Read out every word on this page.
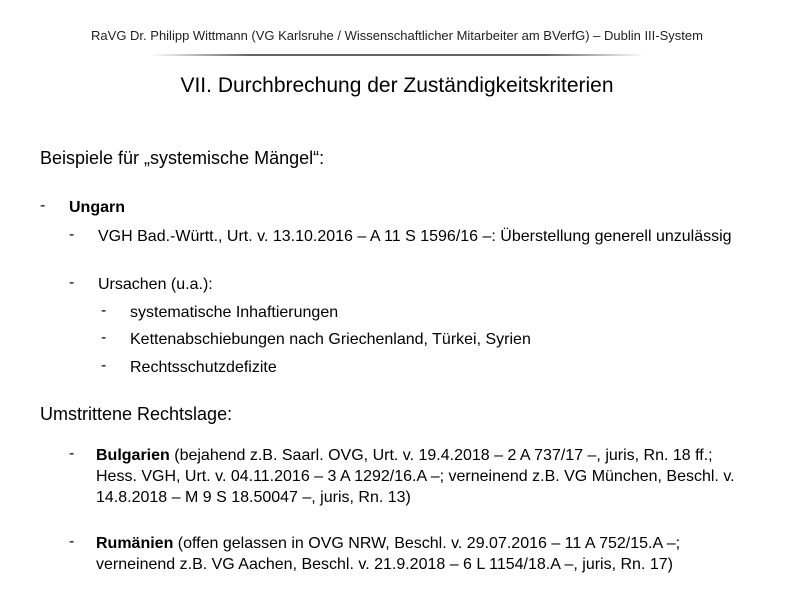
RaVG Dr. Philipp Wittmann (VG Karlsruhe / Wissenschaftlicher Mitarbeiter am BVerfG) – Dublin III-System
VII. Durchbrechung der Zuständigkeitskriterien
Beispiele für „systemische Mängel“:
- Ungarn
- VGH Bad.-Württ., Urt. v. 13.10.2016 – A 11 S 1596/16 –: Überstellung generell unzulässig
- Ursachen (u.a.):
- systematische Inhaftierungen
- Kettenabschiebungen nach Griechenland, Türkei, Syrien
- Rechtsschutzdefizite
Umstrittene Rechtslage:
- Bulgarien (bejahend z.B. Saarl. OVG, Urt. v. 19.4.2018 – 2 A 737/17 –, juris, Rn. 18 ff.; Hess. VGH, Urt. v. 04.11.2016 – 3 A 1292/16.A –; verneinend z.B. VG München, Beschl. v. 14.8.2018 – M 9 S 18.50047 –, juris, Rn. 13)
- Rumänien (offen gelassen in OVG NRW, Beschl. v. 29.07.2016 – 11 A 752/15.A –; verneinend z.B. VG Aachen, Beschl. v. 21.9.2018 – 6 L 1154/18.A –, juris, Rn. 17)
